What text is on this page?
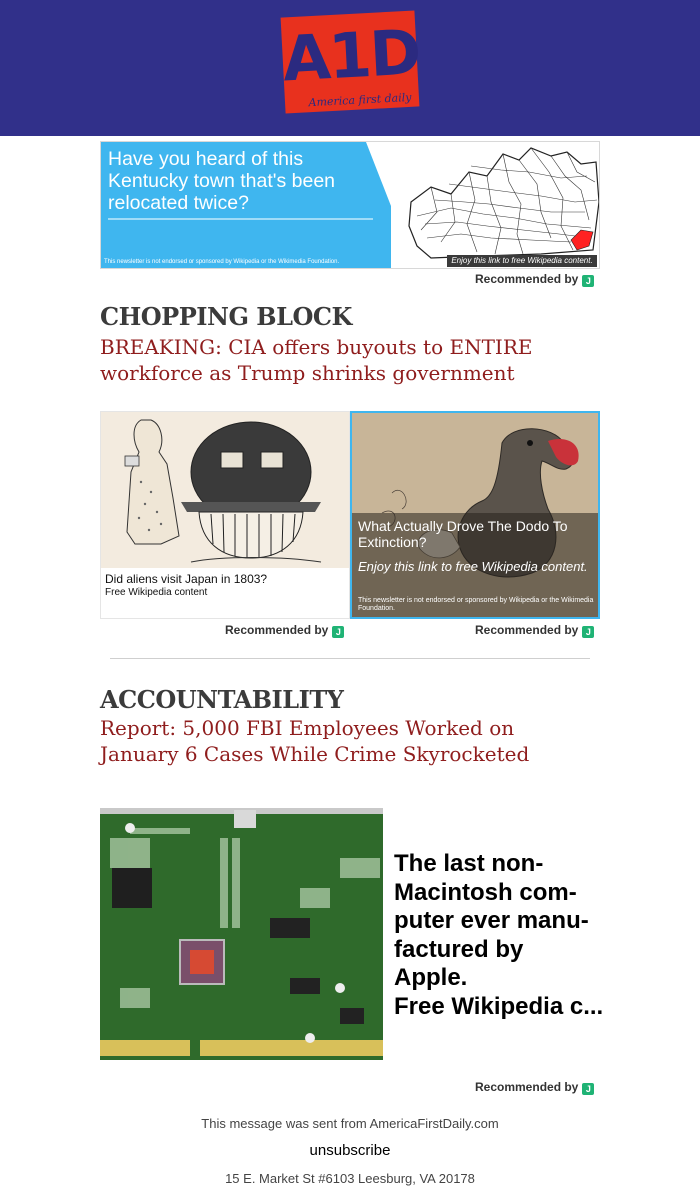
A1D
America first daily
Have you heard of this Kentucky town that's been relocated twice?
This newsletter is not endorsed or sponsored by Wikipedia or the Wikimedia Foundation.	Enjoy this link to free Wikipedia content.
Recommended by J
CHOPPING BLOCK
BREAKING: CIA offers buyouts to ENTIRE workforce as Trump shrinks government
Did aliens visit Japan in 1803?
Free Wikipedia content
Recommended by J
What Actually Drove The Dodo To Extinction?
Enjoy this link to free Wikipedia content.
This newsletter is not endorsed or sponsored by Wikipedia or the Wikimedia Foundation.
Recommended by J
ACCOUNTABILITY
Report: 5,000 FBI Employees Worked on January 6 Cases While Crime Skyrocketed
The last non-
Macintosh com-
puter ever manu-
factured by
Apple.
Free Wikipedia c...
Recommended by J
This message was sent from AmericaFirstDaily.com
unsubscribe
15 E. Market St #6103 Leesburg, VA 20178
